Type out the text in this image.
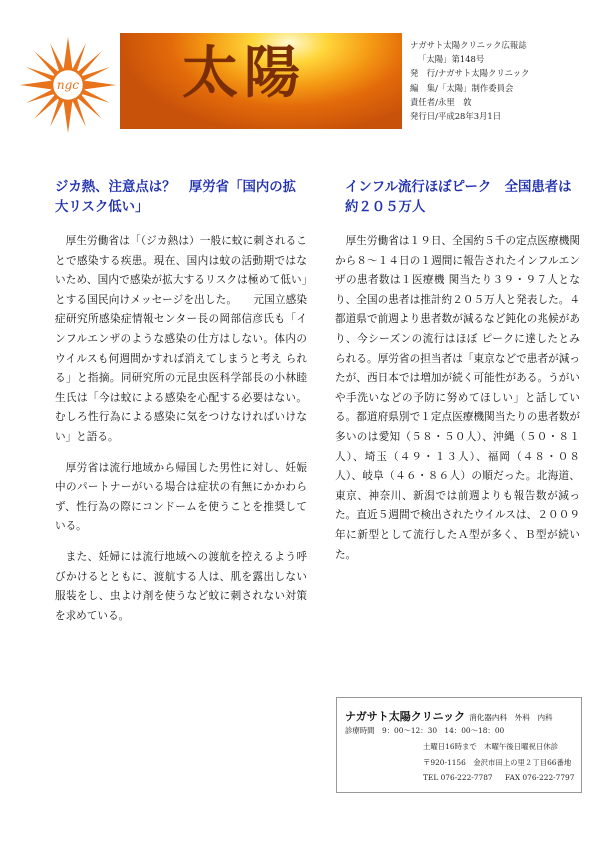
ngc 太陽	ナガサト太陽クリニック広報誌
「太陽」第148号
発　行/ナガサト太陽クリニック
編　集/「太陽」制作委員会
責任者/永里　敦
発行日/平成28年3月1日
ジカ熱、注意点は？　厚労省「国内の拡大リスク低い」

厚生労働省は「（ジカ熱は）一般に蚊に刺されることで感染する疾患。現在、国内は蚊の活動期ではないため、国内で感染が拡大するリスクは極めて低い」とする国民向けメッセージを出した。　　元国立感染症研究所感染症情報センター長の岡部信彦氏も「インフルエンザのような感染の仕方はしない。体内のウイルスも何週間かすれば消えてしまうと考え られる」と指摘。同研究所の元昆虫医科学部長の小林睦生氏は「今は蚊による感染を心配する必要はない。むしろ性行為による感染に気をつけなければいけな い」と語る。

厚労省は流行地域から帰国した男性に対し、妊娠中のパートナーがいる場合は症状の有無にかかわらず、性行為の際にコンドームを使うことを推奨している。

また、妊婦には流行地域への渡航を控えるよう呼びかけるとともに、渡航する人は、肌を露出しない服装をし、虫よけ剤を使うなど蚊に刺されない対策を求めている。

インフル流行ほぼピーク　全国患者は約２０５万人

厚生労働省は１９日、全国約５千の定点医療機関から８～１４日の１週間に報告されたインフルエンザの患者数は１医療機 関当たり３９・９７人となり、全国の患者は推計約２０５万人と発表した。４都道県で前週より患者数が減るなど鈍化の兆候があり、今シーズンの流行はほぼ ピークに達したとみられる。厚労省の担当者は「東京などで患者が減ったが、西日本では増加が続く可能性がある。うがいや手洗いなどの予防に努めてほしい」と話している。都道府県別で１定点医療機関当たりの患者数が多いのは愛知（５８・５０人）、沖縄（５０・８１人）、埼玉（４９・１３人）、福岡（４８・０８人）、岐阜（４６・８６人）の順だった。北海道、東京、神奈川、新潟では前週よりも報告数が減った。直近５週間で検出されたウイルスは、２００９年に新型として流行したＡ型が多く、Ｂ型が続いた。

ナガサト太陽クリニック 消化器内科　外科　内科
診療時間　9：00～12：30　14：00～18：00
土曜日16時まで　木曜午後日曜祝日休診
〒920-1156　金沢市田上の里２丁目66番地
TEL 076-222-7787 FAX 076-222-7797
